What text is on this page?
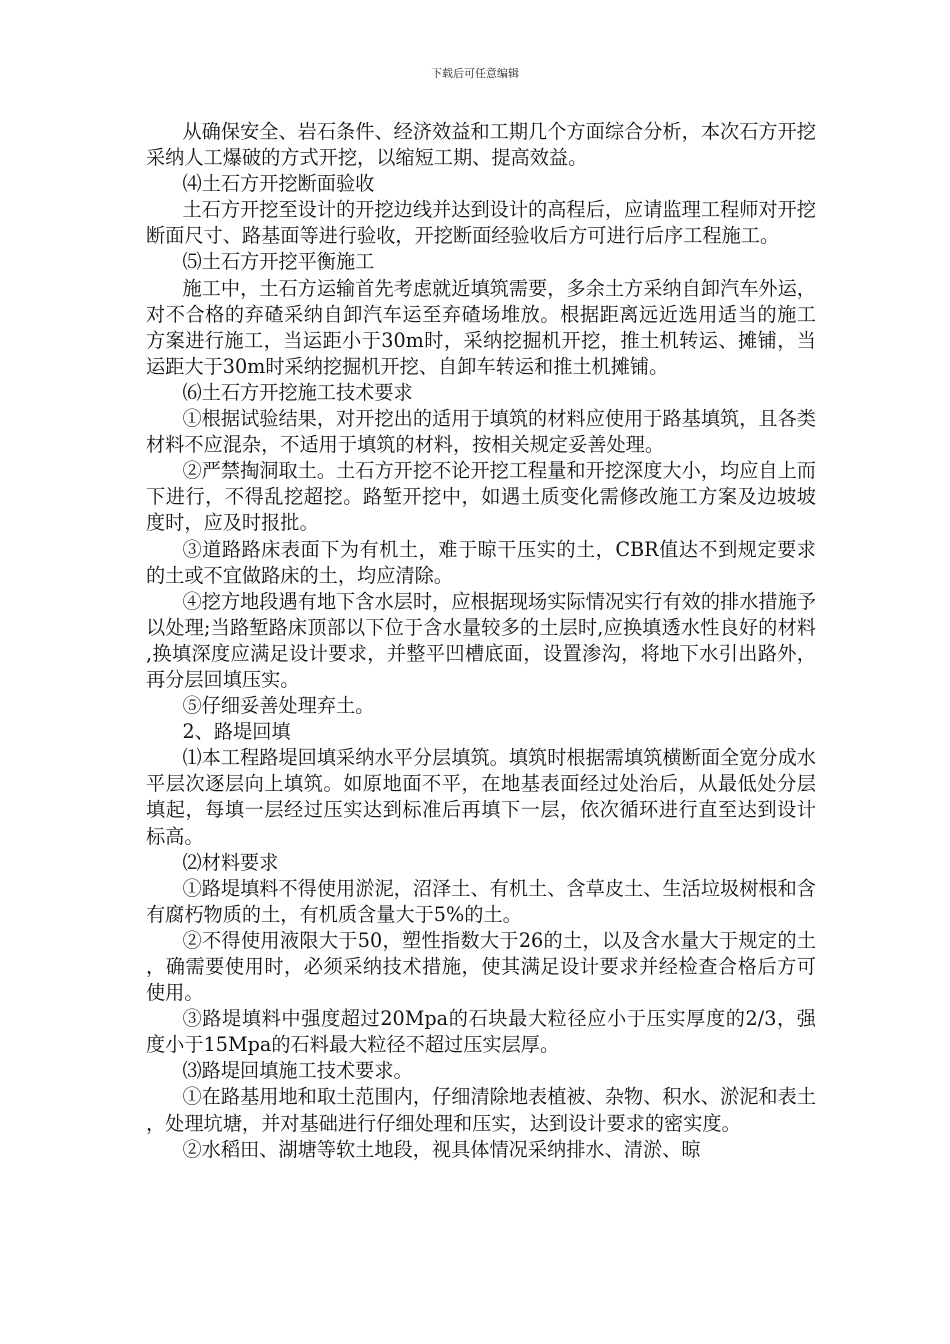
下载后可任意编辑

从确保安全、岩石条件、经济效益和工期几个方面综合分析，本次石方开挖采纳人工爆破的方式开挖，以缩短工期、提高效益。

⑷土石方开挖断面验收

土石方开挖至设计的开挖边线并达到设计的高程后，应请监理工程师对开挖断面尺寸、路基面等进行验收，开挖断面经验收后方可进行后序工程施工。

⑸土石方开挖平衡施工

施工中，土石方运输首先考虑就近填筑需要，多余土方采纳自卸汽车外运，对不合格的弃碴采纳自卸汽车运至弃碴场堆放。根据距离远近选用适当的施工方案进行施工，当运距小于30m时，采纳挖掘机开挖，推土机转运、摊铺，当运距大于30m时采纳挖掘机开挖、自卸车转运和推土机摊铺。

⑹土石方开挖施工技术要求

①根据试验结果，对开挖出的适用于填筑的材料应使用于路基填筑，且各类材料不应混杂，不适用于填筑的材料，按相关规定妥善处理。

②严禁掏洞取土。土石方开挖不论开挖工程量和开挖深度大小，均应自上而下进行，不得乱挖超挖。路堑开挖中，如遇土质变化需修改施工方案及边坡坡度时，应及时报批。

③道路路床表面下为有机土，难于晾干压实的土，CBR值达不到规定要求的土或不宜做路床的土，均应清除。

④挖方地段遇有地下含水层时，应根据现场实际情况实行有效的排水措施予以处理;当路堑路床顶部以下位于含水量较多的土层时,应换填透水性良好的材料,换填深度应满足设计要求，并整平凹槽底面，设置渗沟，将地下水引出路外，再分层回填压实。

⑤仔细妥善处理弃土。

2、路堤回填

⑴本工程路堤回填采纳水平分层填筑。填筑时根据需填筑横断面全宽分成水平层次逐层向上填筑。如原地面不平，在地基表面经过处治后，从最低处分层填起，每填一层经过压实达到标准后再填下一层，依次循环进行直至达到设计标高。

⑵材料要求

①路堤填料不得使用淤泥，沼泽土、有机土、含草皮土、生活垃圾树根和含有腐朽物质的土，有机质含量大于5%的土。

②不得使用液限大于50，塑性指数大于26的土，以及含水量大于规定的土，确需要使用时，必须采纳技术措施，使其满足设计要求并经检查合格后方可使用。

③路堤填料中强度超过20Mpa的石块最大粒径应小于压实厚度的2/3，强度小于15Mpa的石料最大粒径不超过压实层厚。

⑶路堤回填施工技术要求。

①在路基用地和取土范围内，仔细清除地表植被、杂物、积水、淤泥和表土，处理坑塘，并对基础进行仔细处理和压实，达到设计要求的密实度。

②水稻田、湖塘等软土地段，视具体情况采纳排水、清淤、晾
